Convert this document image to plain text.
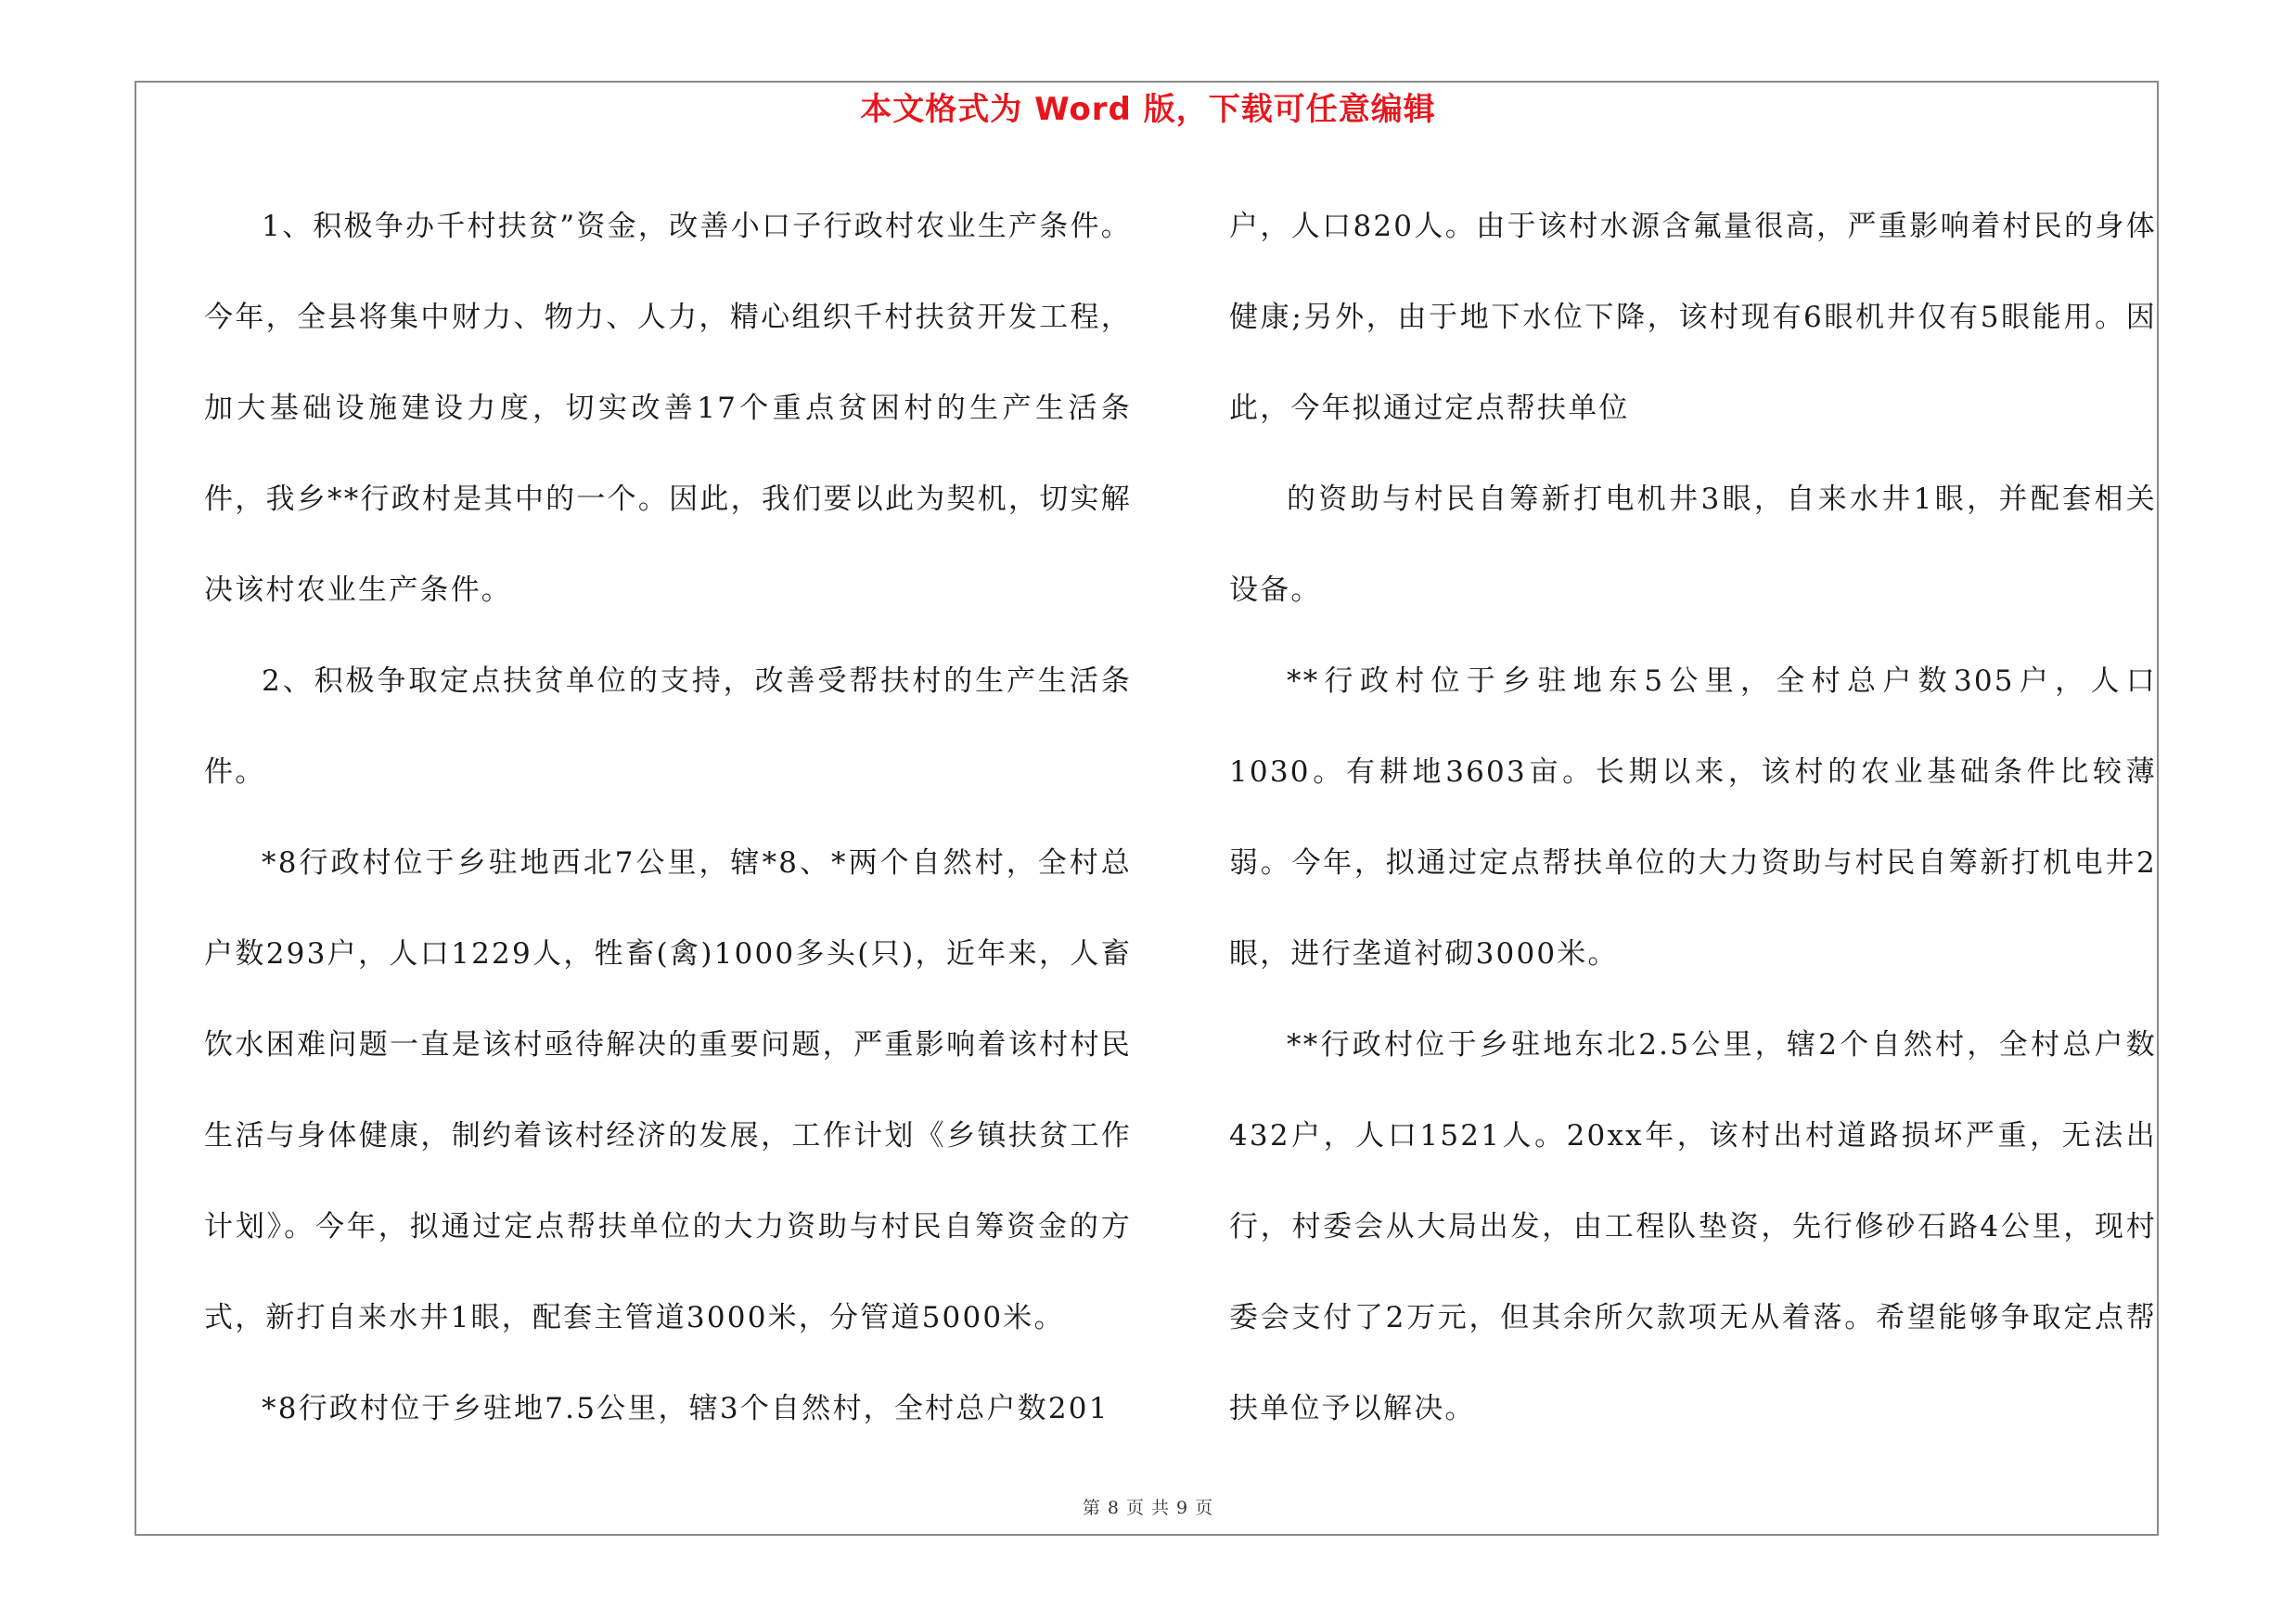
本文格式为 Word 版，下载可任意编辑

1、积极争办千村扶贫”资金，改善小口子行政村农业生产条件。今年，全县将集中财力、物力、人力，精心组织千村扶贫开发工程，加大基础设施建设力度，切实改善17个重点贫困村的生产生活条件，我乡**行政村是其中的一个。因此，我们要以此为契机，切实解决该村农业生产条件。

2、积极争取定点扶贫单位的支持，改善受帮扶村的生产生活条件。

*8行政村位于乡驻地西北7公里，辖*8、*两个自然村，全村总户数293户，人口1229人，牲畜(禽)1000多头(只)，近年来，人畜饮水困难问题一直是该村亟待解决的重要问题，严重影响着该村村民生活与身体健康，制约着该村经济的发展，工作计划《乡镇扶贫工作计划》。今年，拟通过定点帮扶单位的大力资助与村民自筹资金的方式，新打自来水井1眼，配套主管道3000米，分管道5000米。

*8行政村位于乡驻地7.5公里，辖3个自然村，全村总户数201

户，人口820人。由于该村水源含氟量很高，严重影响着村民的身体健康;另外，由于地下水位下降，该村现有6眼机井仅有5眼能用。因此，今年拟通过定点帮扶单位

的资助与村民自筹新打电机井3眼，自来水井1眼，并配套相关设备。

**行政村位于乡驻地东5公里，全村总户数305户，人口1030。有耕地3603亩。长期以来，该村的农业基础条件比较薄弱。今年，拟通过定点帮扶单位的大力资助与村民自筹新打机电井2眼，进行垄道衬砌3000米。

**行政村位于乡驻地东北2.5公里，辖2个自然村，全村总户数432户，人口1521人。20xx年，该村出村道路损坏严重，无法出行，村委会从大局出发，由工程队垫资，先行修砂石路4公里，现村委会支付了2万元，但其余所欠款项无从着落。希望能够争取定点帮扶单位予以解决。

第 8 页 共 9 页
